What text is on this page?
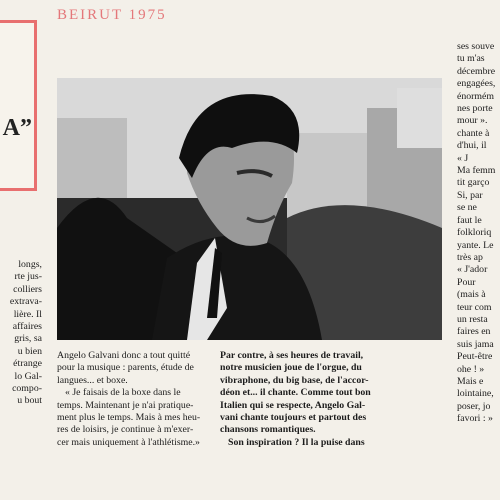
BEIRUT 1975
A”

longs,

rte jus-

colliers

extrava-

lière. Il

affaires

gris, sa

u bien

étrange

lo Gal-

compo-

u bout

Angelo Galvani donc a tout quitté

pour la musique : parents, étude de

langues... et boxe.

« Je faisais de la boxe dans le

temps. Maintenant je n'ai pratique-

ment plus le temps. Mais à mes heu-

res de loisirs, je continue à m'exer-

cer mais uniquement à l'athlétisme.»

Par contre, à ses heures de travail,

notre musicien joue de l'orgue, du

vibraphone, du big base, de l'accor-

déon et... il chante. Comme tout bon

Italien qui se respecte, Angelo Gal-

vani chante toujours et partout des

chansons romantiques.

Son inspiration ? Il la puise dans

ses souve

tu m'as

décembre

engagées,

énormém

nes porte

mour ».

chante à

d'hui, il

« J

Ma femm

tit garço

Si, par

se ne

faut le

folkloriq

yante. Le

très ap

« J'ador

Pour

(mais à

teur com

un resta

faires en

suis jama

Peut-être

ohe ! »

Mais e

lointaine,

poser, jo

favori : »
